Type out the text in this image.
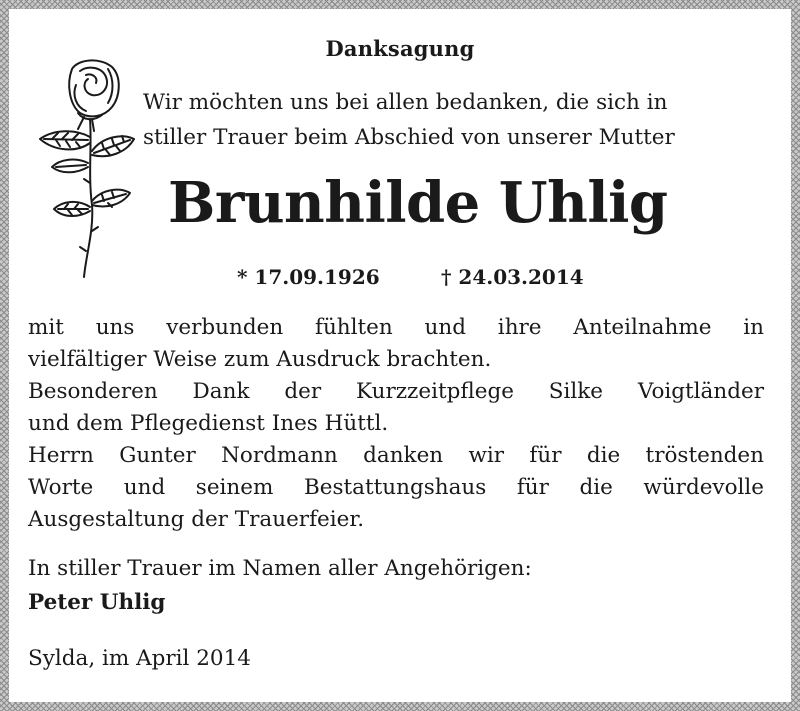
Danksagung
Wir möchten uns bei allen bedanken, die sich in
stiller Trauer beim Abschied von unserer Mutter
Brunhilde Uhlig
* 17.09.1926	† 24.03.2014
mit uns verbunden fühlten und ihre Anteilnahme in
vielfältiger Weise zum Ausdruck brachten.
Besonderen Dank der Kurzzeitpflege Silke Voigtländer
und dem Pflegedienst Ines Hüttl.
Herrn Gunter Nordmann danken wir für die tröstenden
Worte und seinem Bestattungshaus für die würdevolle
Ausgestaltung der Trauerfeier.
In stiller Trauer im Namen aller Angehörigen:
Peter Uhlig
Sylda, im April 2014
